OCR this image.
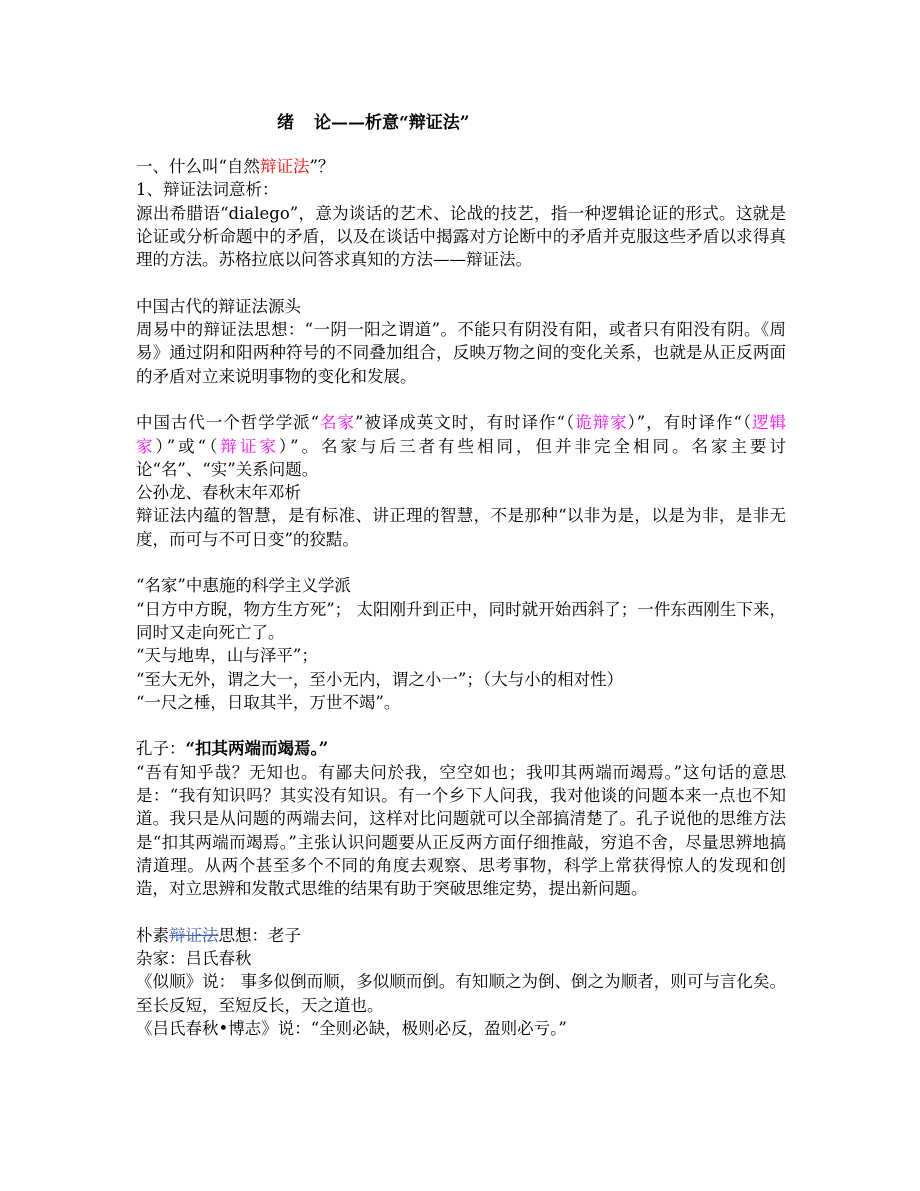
绪 论——析意“辩证法”

一、什么叫“自然辩证法”？

1、辩证法词意析：

源出希腊语“dialego”，意为谈话的艺术、论战的技艺，指一种逻辑论证的形式。这就是论证或分析命题中的矛盾，以及在谈话中揭露对方论断中的矛盾并克服这些矛盾以求得真理的方法。苏格拉底以问答求真知的方法——辩证法。

中国古代的辩证法源头

周易中的辩证法思想：“一阴一阳之谓道”。不能只有阴没有阳，或者只有阳没有阴。《周易》通过阴和阳两种符号的不同叠加组合，反映万物之间的变化关系，也就是从正反两面的矛盾对立来说明事物的变化和发展。

中国古代一个哲学学派“名家”被译成英文时，有时译作“（诡辩家）”，有时译作“（逻辑家）”或“（辩证家）”。名家与后三者有些相同，但并非完全相同。名家主要讨论“名”、“实”关系问题。

公孙龙、春秋末年邓析

辩证法内蕴的智慧，是有标准、讲正理的智慧，不是那种“以非为是，以是为非，是非无度，而可与不可日变”的狡黠。

“名家”中惠施的科学主义学派

“日方中方睨，物方生方死”； 太阳刚升到正中，同时就开始西斜了；一件东西刚生下来，同时又走向死亡了。

“天与地卑，山与泽平”；

“至大无外，谓之大一，至小无内，谓之小一”；（大与小的相对性）

“一尺之棰，日取其半，万世不竭”。

孔子：“扣其两端而竭焉。”

“吾有知乎哉？无知也。有鄙夫问於我，空空如也；我叩其两端而竭焉。”这句话的意思是：“我有知识吗？其实没有知识。有一个乡下人问我，我对他谈的问题本来一点也不知道。我只是从问题的两端去问，这样对比问题就可以全部搞清楚了。孔子说他的思维方法是“扣其两端而竭焉。”主张认识问题要从正反两方面仔细推敲，穷追不舍，尽量思辨地搞清道理。从两个甚至多个不同的角度去观察、思考事物，科学上常获得惊人的发现和创造，对立思辨和发散式思维的结果有助于突破思维定势，提出新问题。

朴素辩证法思想：老子

杂家：吕氏春秋

《似顺》说： 事多似倒而顺，多似顺而倒。有知顺之为倒、倒之为顺者，则可与言化矣。至长反短，至短反长，天之道也。

《吕氏春秋•博志》说：“全则必缺，极则必反，盈则必亏。”
